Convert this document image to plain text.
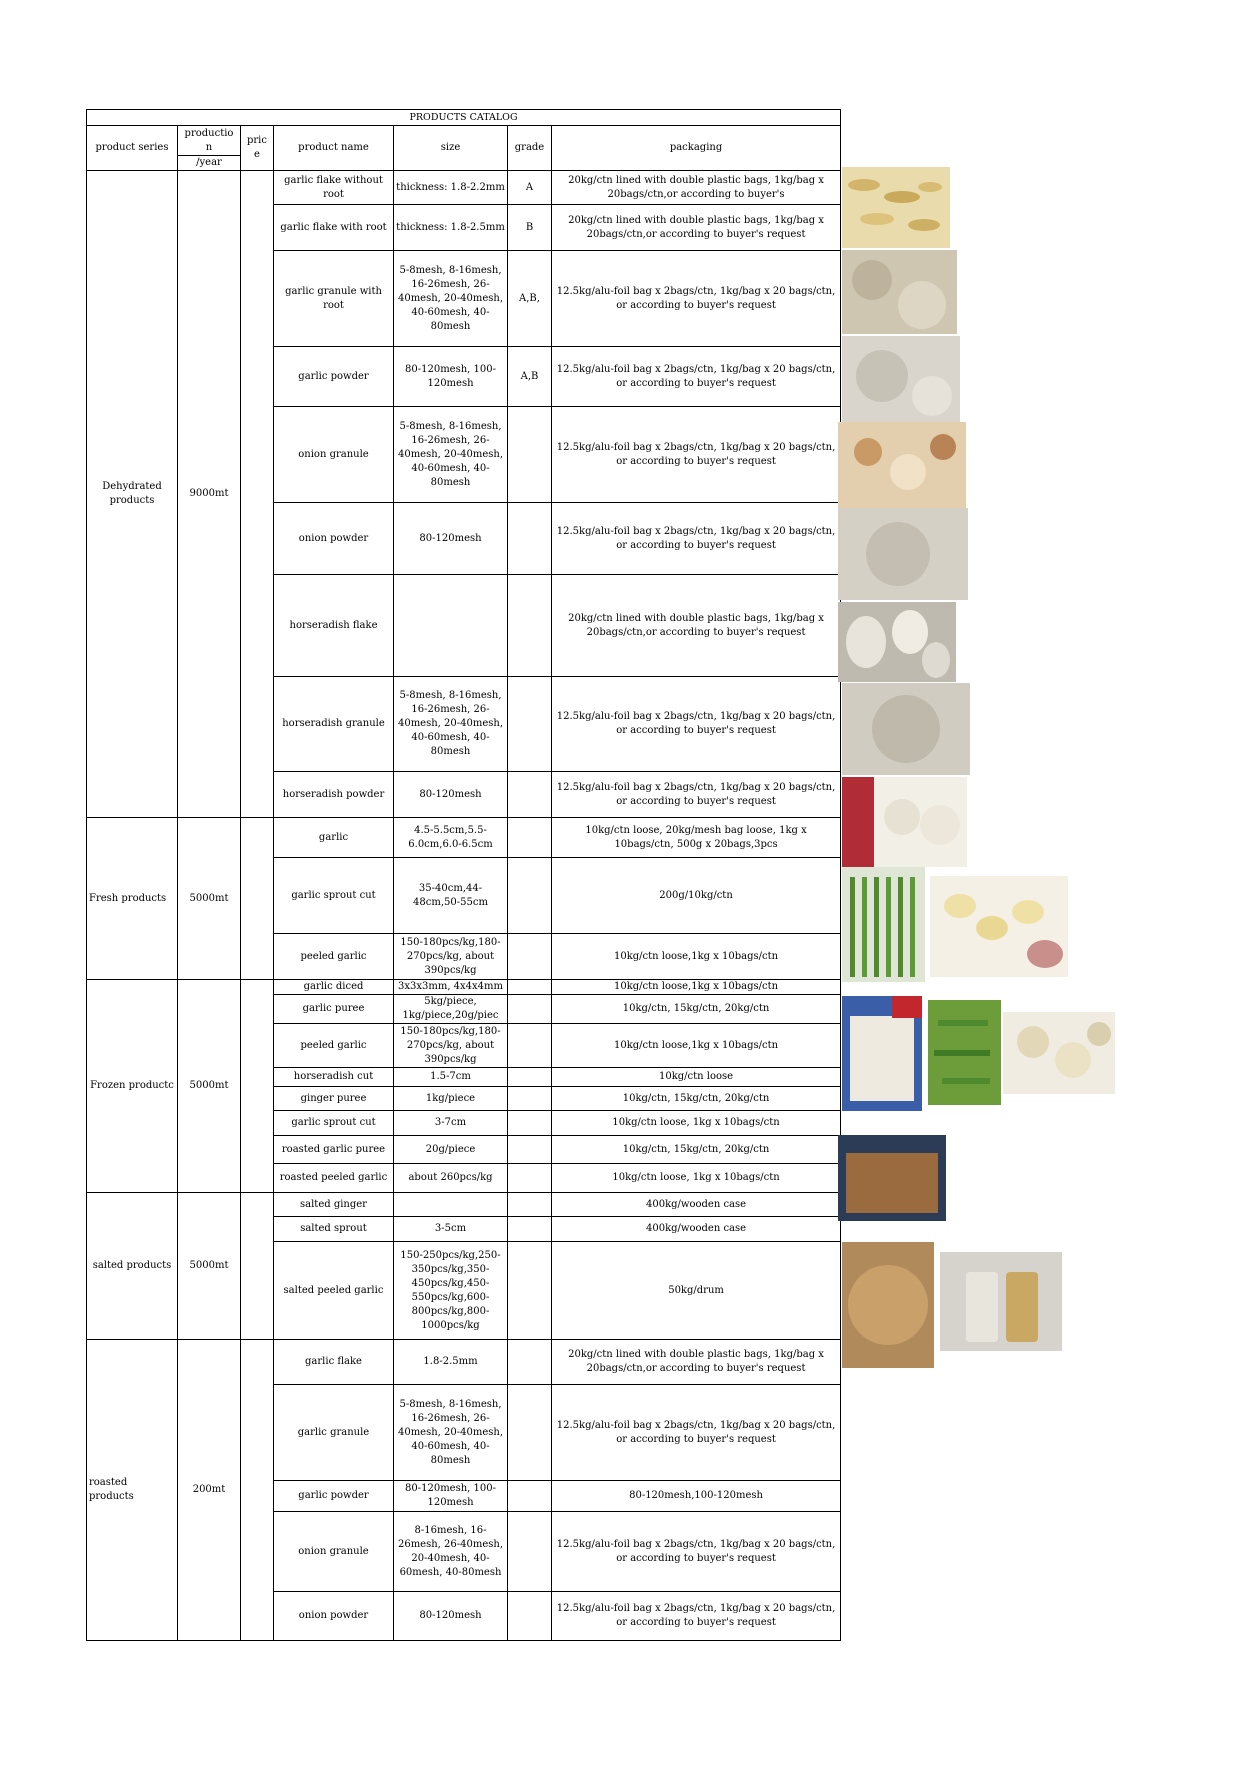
PRODUCTS CATALOG						
product series	productio n	pric e	product name	size	grade	packaging
	/year					
Dehydrated products	9000mt		garlic flake without root	thickness: 1.8-2.2mm	A	20kg/ctn lined with double plastic bags, 1kg/bag x 20bags/ctn,or according to buyer's
			garlic flake with root	thickness: 1.8-2.5mm	B	20kg/ctn lined with double plastic bags, 1kg/bag x 20bags/ctn,or according to buyer's request
			garlic granule with root	5-8mesh, 8-16mesh, 16-26mesh, 26-40mesh, 20-40mesh, 40-60mesh, 40-80mesh	A,B,	12.5kg/alu-foil bag x 2bags/ctn, 1kg/bag x 20 bags/ctn, or according to buyer's request
			garlic powder	80-120mesh, 100-120mesh	A,B	12.5kg/alu-foil bag x 2bags/ctn, 1kg/bag x 20 bags/ctn, or according to buyer's request
			onion granule	5-8mesh, 8-16mesh, 16-26mesh, 26-40mesh, 20-40mesh, 40-60mesh, 40-80mesh		12.5kg/alu-foil bag x 2bags/ctn, 1kg/bag x 20 bags/ctn, or according to buyer's request
			onion powder	80-120mesh		12.5kg/alu-foil bag x 2bags/ctn, 1kg/bag x 20 bags/ctn, or according to buyer's request
			horseradish flake			20kg/ctn lined with double plastic bags, 1kg/bag x 20bags/ctn,or according to buyer's request
			horseradish granule	5-8mesh, 8-16mesh, 16-26mesh, 26-40mesh, 20-40mesh, 40-60mesh, 40-80mesh		12.5kg/alu-foil bag x 2bags/ctn, 1kg/bag x 20 bags/ctn, or according to buyer's request
			horseradish powder	80-120mesh		12.5kg/alu-foil bag x 2bags/ctn, 1kg/bag x 20 bags/ctn, or according to buyer's request
Fresh products	5000mt		garlic	4.5-5.5cm,5.5-6.0cm,6.0-6.5cm		10kg/ctn loose, 20kg/mesh bag loose, 1kg x 10bags/ctn, 500g x 20bags,3pcs
			garlic sprout cut	35-40cm,44-48cm,50-55cm		200g/10kg/ctn
			peeled garlic	150-180pcs/kg,180-270pcs/kg, about 390pcs/kg		10kg/ctn loose,1kg x 10bags/ctn
Frozen productc	5000mt		garlic diced	3x3x3mm, 4x4x4mm		10kg/ctn loose,1kg x 10bags/ctn
			garlic puree	5kg/piece, 1kg/piece,20g/piec		10kg/ctn, 15kg/ctn, 20kg/ctn
			peeled garlic	150-180pcs/kg,180-270pcs/kg, about 390pcs/kg		10kg/ctn loose,1kg x 10bags/ctn
			horseradish cut	1.5-7cm		10kg/ctn loose
			ginger puree	1kg/piece		10kg/ctn, 15kg/ctn, 20kg/ctn
			garlic sprout cut	3-7cm		10kg/ctn loose, 1kg x 10bags/ctn
			roasted garlic puree	20g/piece		10kg/ctn, 15kg/ctn, 20kg/ctn
			roasted peeled garlic	about 260pcs/kg		10kg/ctn loose, 1kg x 10bags/ctn
salted products	5000mt		salted ginger			400kg/wooden case
			salted sprout	3-5cm		400kg/wooden case
			salted peeled garlic	150-250pcs/kg,250-350pcs/kg,350-450pcs/kg,450-550pcs/kg,600-800pcs/kg,800-1000pcs/kg		50kg/drum
roasted products	200mt		garlic flake	1.8-2.5mm		20kg/ctn lined with double plastic bags, 1kg/bag x 20bags/ctn,or according to buyer's request
			garlic granule	5-8mesh, 8-16mesh, 16-26mesh, 26-40mesh, 20-40mesh, 40-60mesh, 40-80mesh		12.5kg/alu-foil bag x 2bags/ctn, 1kg/bag x 20 bags/ctn, or according to buyer's request
			garlic powder	80-120mesh, 100-120mesh		80-120mesh,100-120mesh
			onion granule	8-16mesh, 16-26mesh, 26-40mesh, 20-40mesh, 40-60mesh, 40-80mesh		12.5kg/alu-foil bag x 2bags/ctn, 1kg/bag x 20 bags/ctn, or according to buyer's request
			onion powder	80-120mesh		12.5kg/alu-foil bag x 2bags/ctn, 1kg/bag x 20 bags/ctn, or according to buyer's request
